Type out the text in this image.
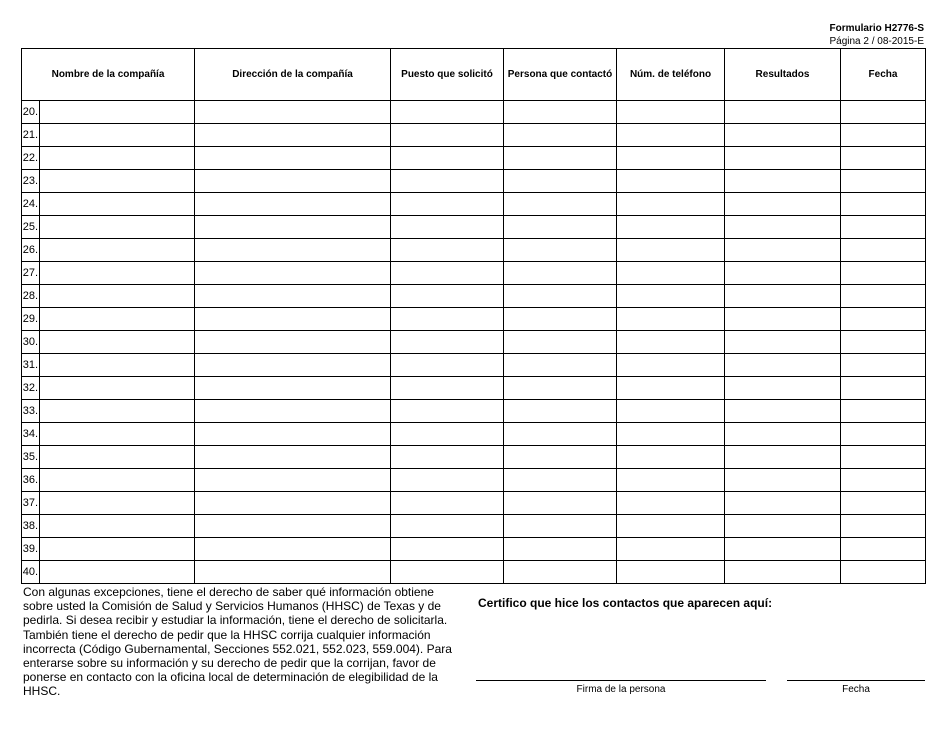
Formulario H2776-S
Página 2 / 08-2015-E
Nombre de la compañía	Dirección de la compañía	Puesto que solicitó	Persona que contactó	Núm. de teléfono	Resultados	Fecha

20.						

21.						

22.						

23.						

24.						

25.						

26.						

27.						

28.						

29.						

30.						

31.						

32.						

33.						

34.						

35.						

36.						

37.						

38.						

39.						

40.						

Con algunas excepciones, tiene el derecho de saber qué información obtiene sobre usted la Comisión de Salud y Servicios Humanos (HHSC) de Texas y de pedirla. Si desea recibir y estudiar la información, tiene el derecho de solicitarla. También tiene el derecho de pedir que la HHSC corrija cualquier información incorrecta (Código Gubernamental, Secciones 552.021, 552.023, 559.004). Para enterarse sobre su información y su derecho de pedir que la corrijan, favor de ponerse en contacto con la oficina local de determinación de elegibilidad de la HHSC.
Certifico que hice los contactos que aparecen aquí:
Firma de la persona	Fecha
